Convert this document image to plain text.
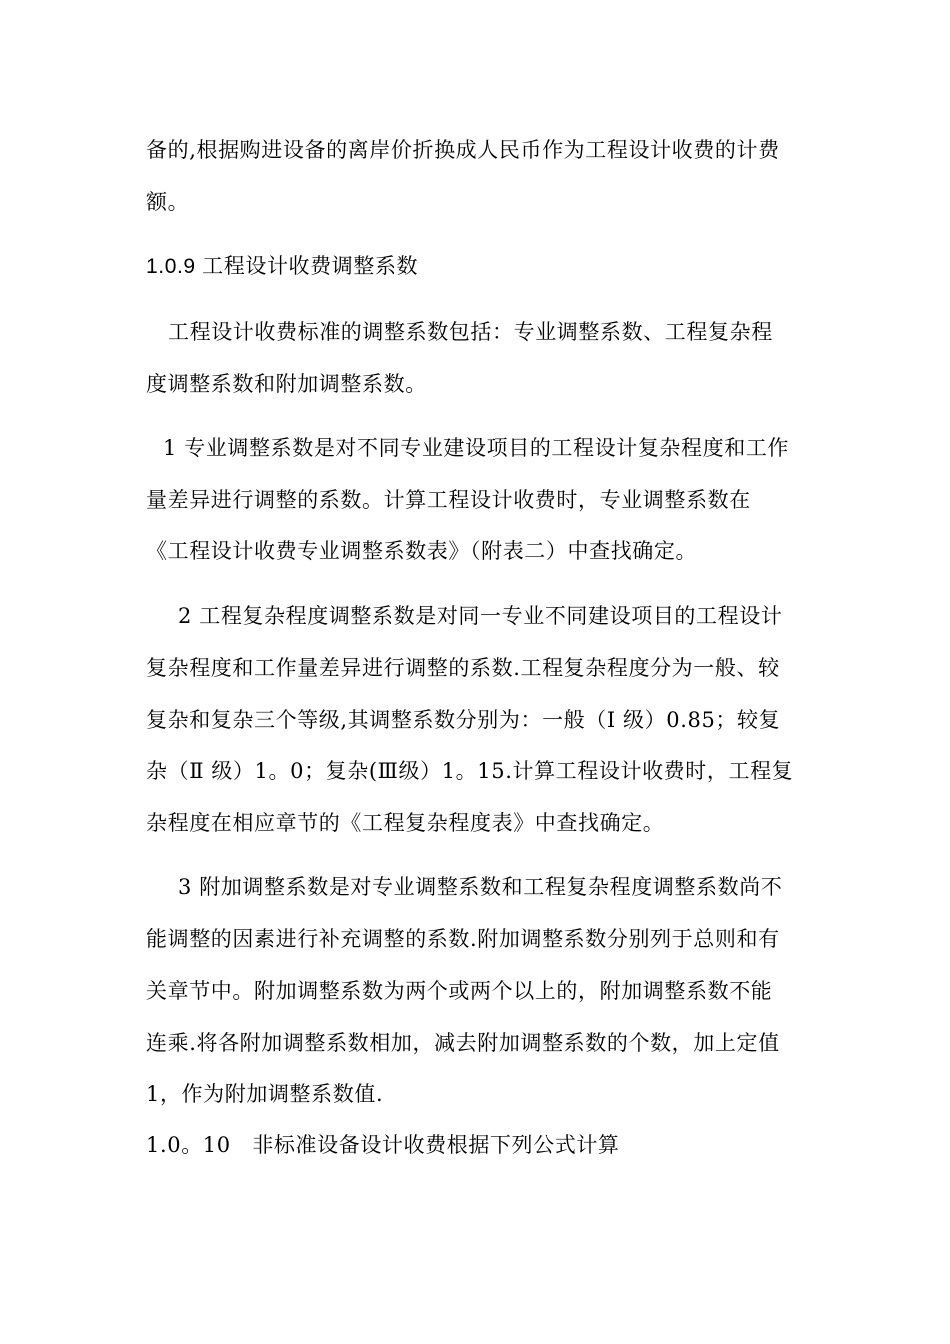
备的,根据购进设备的离岸价折换成人民币作为工程设计收费的计费
额。
1.0.9 工程设计收费调整系数
工程设计收费标准的调整系数包括：专业调整系数、工程复杂程
度调整系数和附加调整系数。
1 专业调整系数是对不同专业建设项目的工程设计复杂程度和工作
量差异进行调整的系数。计算工程设计收费时，专业调整系数在
《工程设计收费专业调整系数表》（附表二）中查找确定。
2 工程复杂程度调整系数是对同一专业不同建设项目的工程设计
复杂程度和工作量差异进行调整的系数.工程复杂程度分为一般、较
复杂和复杂三个等级,其调整系数分别为：一般（Ⅰ 级）0.85；较复
杂（Ⅱ 级）1。0；复杂(Ⅲ级）1。15.计算工程设计收费时，工程复
杂程度在相应章节的《工程复杂程度表》中查找确定。
3 附加调整系数是对专业调整系数和工程复杂程度调整系数尚不
能调整的因素进行补充调整的系数.附加调整系数分别列于总则和有
关章节中。附加调整系数为两个或两个以上的，附加调整系数不能
连乘.将各附加调整系数相加，减去附加调整系数的个数，加上定值
1，作为附加调整系数值.
1.0。10　非标准设备设计收费根据下列公式计算
